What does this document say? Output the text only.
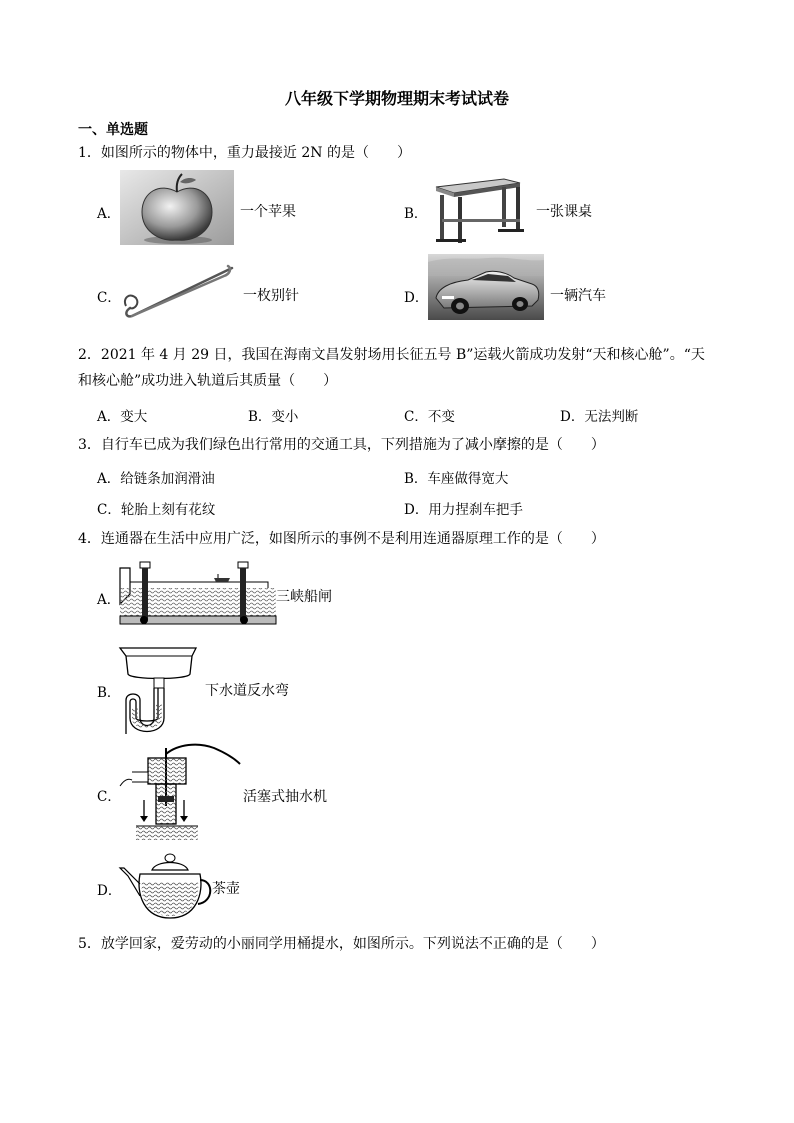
八年级下学期物理期末考试试卷
一、单选题
1．如图所示的物体中，重力最接近 2N 的是（　　）
A．	一个苹果	B．	一张课桌
C．	一枚别针	D．	一辆汽车
2．2021 年 4 月 29 日，我国在海南文昌发射场用长征五号 B”运载火箭成功发射“天和核心舱”。“天
和核心舱”成功进入轨道后其质量（　　）
A．变大	B．变小	C．不变	D．无法判断
3．自行车已成为我们绿色出行常用的交通工具，下列措施为了减小摩擦的是（　　）
A．给链条加润滑油	B．车座做得宽大
C．轮胎上刻有花纹	D．用力捏刹车把手
4．连通器在生活中应用广泛，如图所示的事例不是利用连通器原理工作的是（　　）
A．	三峡船闸
B．	下水道反水弯
C．	活塞式抽水机
D．	茶壶
5．放学回家，爱劳动的小丽同学用桶提水，如图所示。下列说法不正确的是（　　）
